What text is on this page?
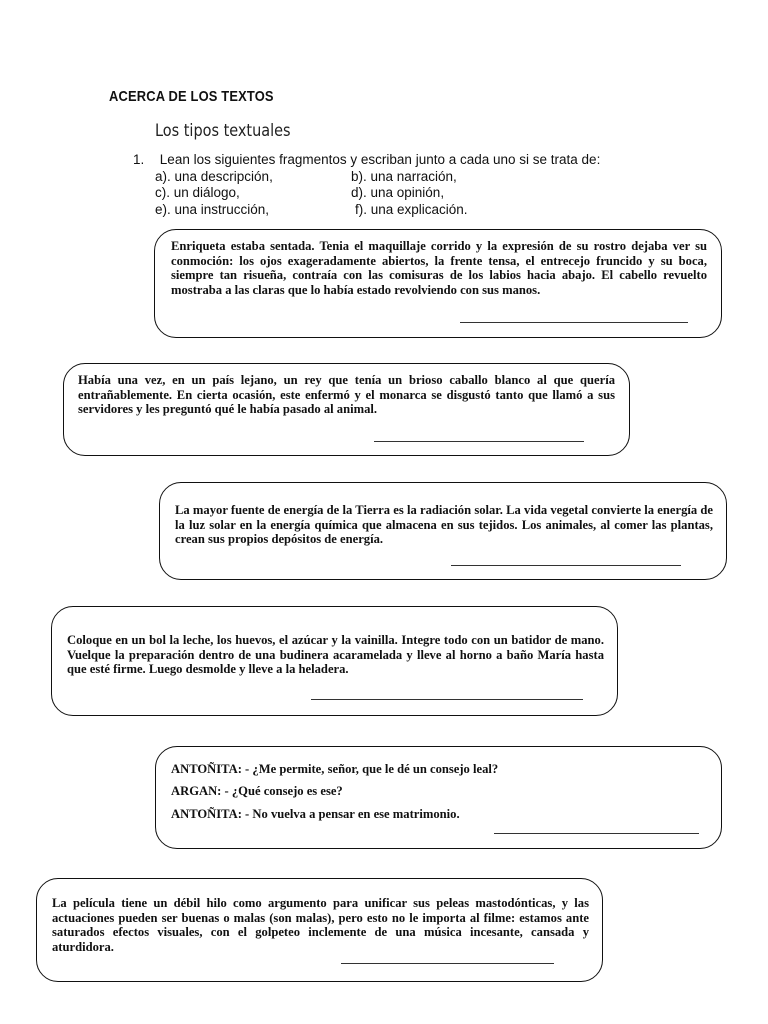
ACERCA DE LOS TEXTOS
Los tipos textuales
1. Lean los siguientes fragmentos y escriban junto a cada uno si se trata de:
a). una descripción,	b). una narración,
c). un diálogo,	d). una opinión,
e). una instrucción,	f). una explicación.

Enriqueta estaba sentada. Tenia el maquillaje corrido y la expresión de su rostro dejaba ver su conmoción: los ojos exageradamente abiertos, la frente tensa, el entrecejo fruncido y su boca, siempre tan risueña, contraía con las comisuras de los labios hacia abajo. El cabello revuelto mostraba a las claras que lo había estado revolviendo con sus manos.

Había una vez, en un país lejano, un rey que tenía un brioso caballo blanco al que quería entrañablemente. En cierta ocasión, este enfermó y el monarca se disgustó tanto que llamó a sus servidores y les preguntó qué le había pasado al animal.

La mayor fuente de energía de la Tierra es la radiación solar. La vida vegetal convierte la energía de la luz solar en la energía química que almacena en sus tejidos. Los animales, al comer las plantas, crean sus propios depósitos de energía.

Coloque en un bol la leche, los huevos, el azúcar y la vainilla. Integre todo con un batidor de mano. Vuelque la preparación dentro de una budinera acaramelada y lleve al horno a baño María hasta que esté firme. Luego desmolde y lleve a la heladera.

ANTOÑITA: - ¿Me permite, señor, que le dé un consejo leal?

ARGAN: - ¿Qué consejo es ese?

ANTOÑITA: - No vuelva a pensar en ese matrimonio.

La película tiene un débil hilo como argumento para unificar sus peleas mastodónticas, y las actuaciones pueden ser buenas o malas (son malas), pero esto no le importa al filme: estamos ante saturados efectos visuales, con el golpeteo inclemente de una música incesante, cansada y aturdidora.
